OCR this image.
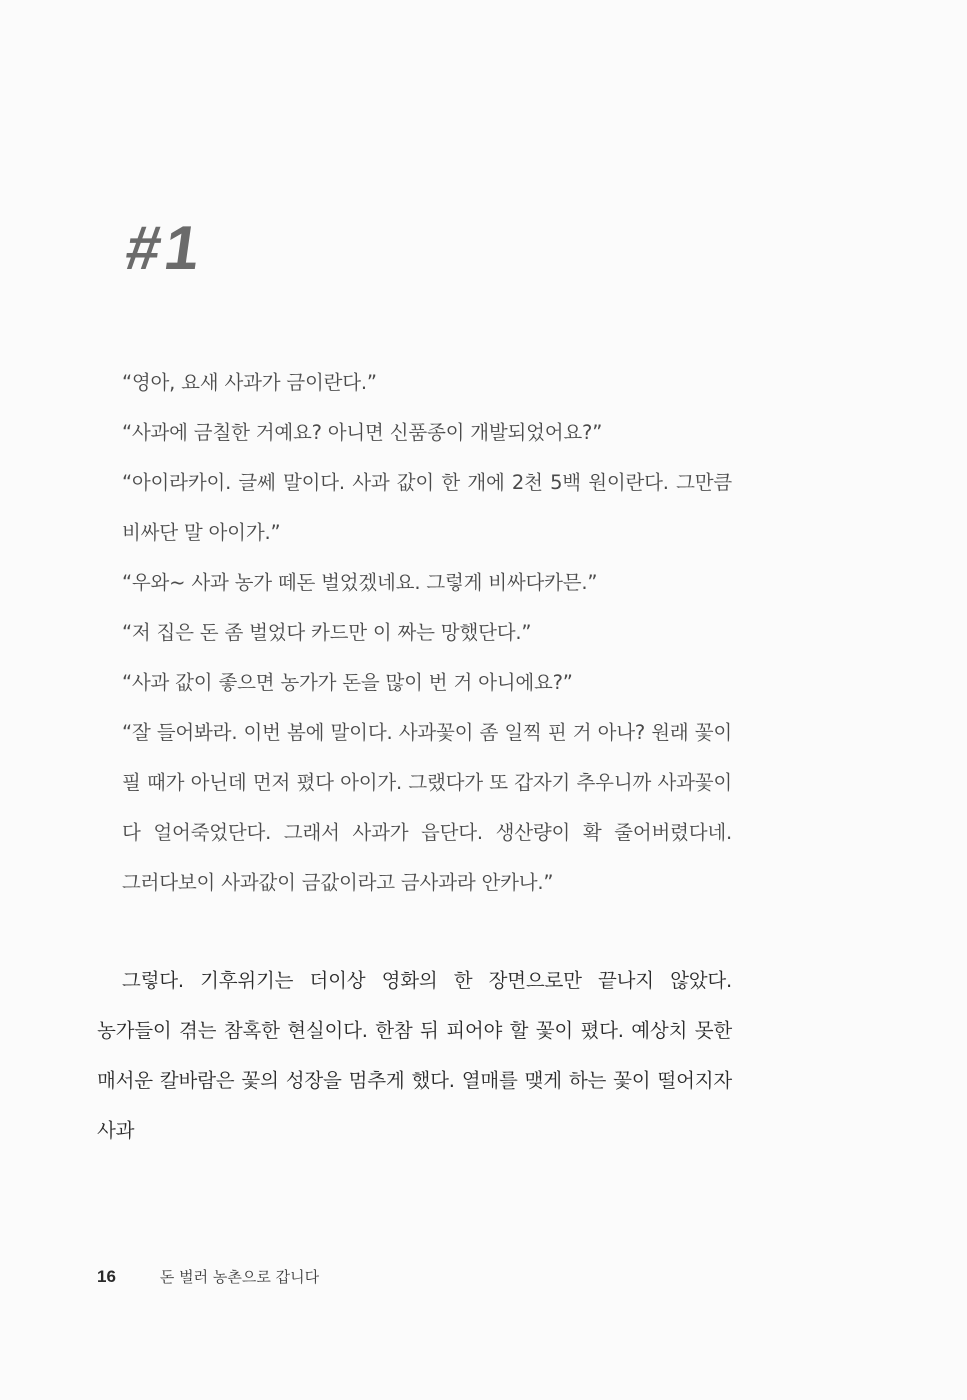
#1
“영아, 요새 사과가 금이란다.”
“사과에 금칠한 거예요? 아니면 신품종이 개발되었어요?”
“아이라카이. 글쎄 말이다. 사과 값이 한 개에 2천 5백 원이란다. 그만큼 비싸단 말 아이가.”
“우와~ 사과 농가 떼돈 벌었겠네요. 그렇게 비싸다카믄.”
“저 집은 돈 좀 벌었다 카드만 이 짜는 망했단다.”
“사과 값이 좋으면 농가가 돈을 많이 번 거 아니에요?”
“잘 들어봐라. 이번 봄에 말이다. 사과꽃이 좀 일찍 핀 거 아나? 원래 꽃이 필 때가 아닌데 먼저 폈다 아이가. 그랬다가 또 갑자기 추우니까 사과꽃이 다 얼어죽었단다. 그래서 사과가 읍단다. 생산량이 확 줄어버렸다네. 그러다보이 사과값이 금값이라고 금사과라 안카나.”

그렇다. 기후위기는 더이상 영화의 한 장면으로만 끝나지 않았다. 농가들이 겪는 참혹한 현실이다. 한참 뒤 피어야 할 꽃이 폈다. 예상치 못한 매서운 칼바람은 꽃의 성장을 멈추게 했다. 열매를 맺게 하는 꽃이 떨어지자 사과

16	돈 벌러 농촌으로 갑니다
